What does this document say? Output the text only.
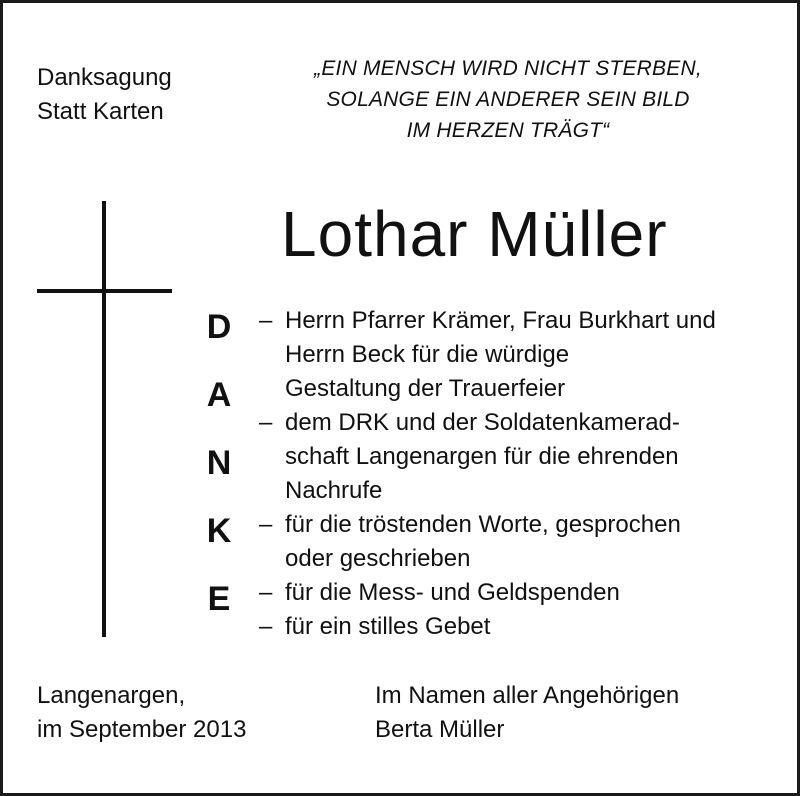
Danksagung
Statt Karten
„EIN MENSCH WIRD NICHT STERBEN,
SOLANGE EIN ANDERER SEIN BILD
IM HERZEN TRÄGT“
Lothar Müller
D
A
N
K
E
– Herrn Pfarrer Krämer, Frau Burkhart und
Herrn Beck für die würdige
Gestaltung der Trauerfeier
– dem DRK und der Soldatenkamerad-
schaft Langenargen für die ehrenden
Nachrufe
– für die tröstenden Worte, gesprochen
oder geschrieben
– für die Mess- und Geldspenden
– für ein stilles Gebet
Langenargen,
im September 2013
Im Namen aller Angehörigen
Berta Müller
